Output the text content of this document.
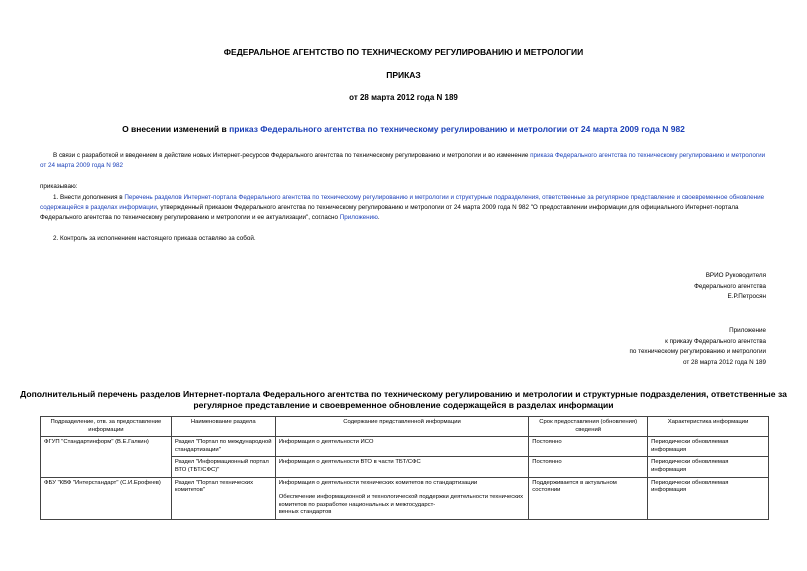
ФЕДЕРАЛЬНОЕ АГЕНТСТВО ПО ТЕХНИЧЕСКОМУ РЕГУЛИРОВАНИЮ И МЕТРОЛОГИИ
ПРИКАЗ
от 28 марта 2012 года N 189
О внесении изменений в приказ Федерального агентства по техническому регулированию и метрологии от 24 марта 2009 года N 982
В связи с разработкой и введением в действие новых Интернет-ресурсов Федерального агентства по техническому регулированию и метрологии и во изменение приказа Федерального агентства по техническому регулированию и метрологии от 24 марта 2009 года N 982
приказываю:
1. Внести дополнения в Перечень разделов Интернет-портала Федерального агентства по техническому регулированию и метрологии и структурные подразделения, ответственные за регулярное представление и своевременное обновление содержащейся в разделах информации, утвержденный приказом Федерального агентства по техническому регулированию и метрологии от 24 марта 2009 года N 982 "О предоставлении информации для официального Интернет-портала Федерального агентства по техническому регулированию и метрологии и ее актуализации", согласно Приложению.
2. Контроль за исполнением настоящего приказа оставляю за собой.
ВРИО Руководителя
Федерального агентства
Е.Р.Петросян
Приложение
к приказу Федерального агентства
по техническому регулированию и метрологии
от 28 марта 2012 года N 189
Дополнительный перечень разделов Интернет-портала Федерального агентства по техническому регулированию и метрологии и структурные подразделения, ответственные за регулярное представление и своевременное обновление содержащейся в разделах информации
Подразделение, отв. за предоставление информации	Наименование раздела	Содержание представленной информации	Срок предоставления (обновления) сведений	Характеристика информации
ФГУП "Стандартинформ" (В.Е.Галкин)	Раздел "Портал по международной стандартизации"	Информация о деятельности ИСО	Постоянно	Периодически обновляемая информация
	Раздел "Информационный портал ВТО (ТБТ/СФС)"	Информация о деятельности ВТО в части ТБТ/СФС	Постоянно	Периодически обновляемая информация
ФБУ "КВФ "Интерстандарт" (С.И.Ерофеев)	Раздел "Портал технических комитетов"	Информация о деятельности технических комитетов по стандартизации
Обеспечение информационной и технологической поддержки деятельности технических комитетов по разработке национальных и межгосударст-
венных стандартов	Поддерживается в актуальном состоянии	Периодически обновляемая информация
